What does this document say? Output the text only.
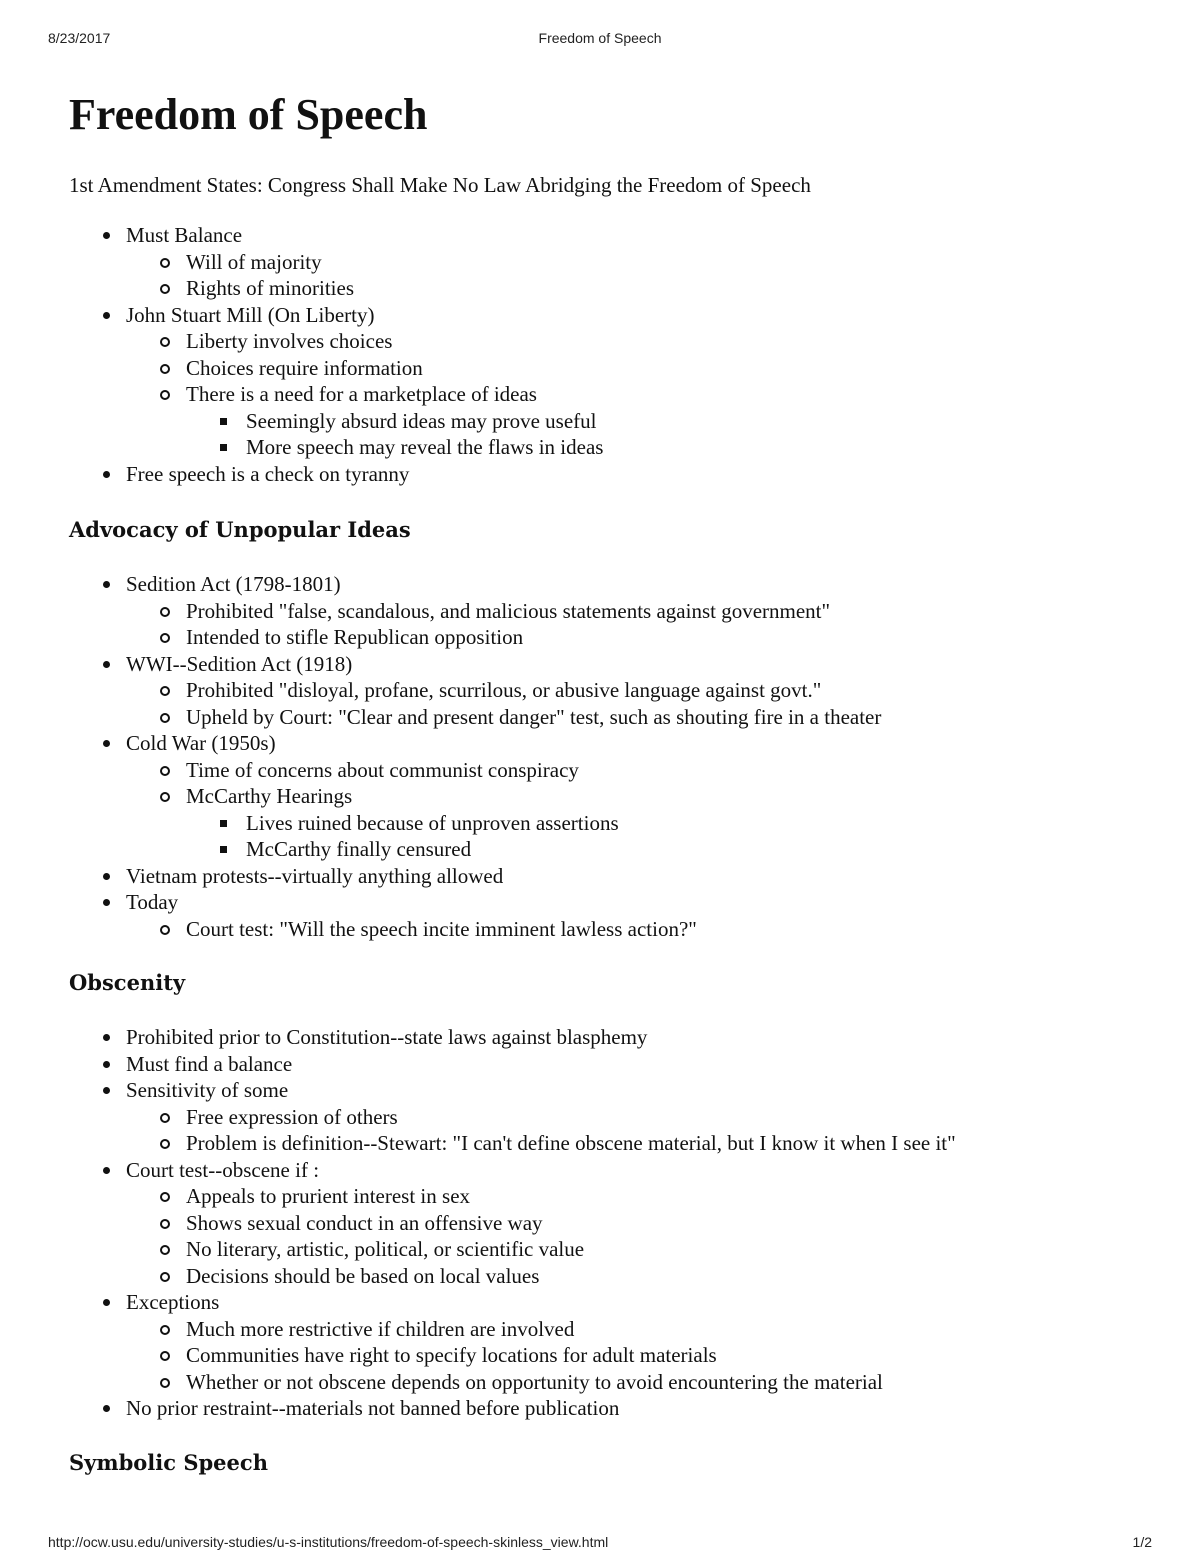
8/23/2017	Freedom of Speech
Freedom of Speech

1st Amendment States: Congress Shall Make No Law Abridging the Freedom of Speech

Must Balance
Will of majority
Rights of minorities
John Stuart Mill (On Liberty)
Liberty involves choices
Choices require information
There is a need for a marketplace of ideas
Seemingly absurd ideas may prove useful
More speech may reveal the flaws in ideas
Free speech is a check on tyranny
Advocacy of Unpopular Ideas
Sedition Act (1798-1801)
Prohibited "false, scandalous, and malicious statements against government"
Intended to stifle Republican opposition
WWI--Sedition Act (1918)
Prohibited "disloyal, profane, scurrilous, or abusive language against govt."
Upheld by Court: "Clear and present danger" test, such as shouting fire in a theater
Cold War (1950s)
Time of concerns about communist conspiracy
McCarthy Hearings
Lives ruined because of unproven assertions
McCarthy finally censured
Vietnam protests--virtually anything allowed
Today
Court test: "Will the speech incite imminent lawless action?"
Obscenity
Prohibited prior to Constitution--state laws against blasphemy
Must find a balance
Sensitivity of some
Free expression of others
Problem is definition--Stewart: "I can't define obscene material, but I know it when I see it"
Court test--obscene if :
Appeals to prurient interest in sex
Shows sexual conduct in an offensive way
No literary, artistic, political, or scientific value
Decisions should be based on local values
Exceptions
Much more restrictive if children are involved
Communities have right to specify locations for adult materials
Whether or not obscene depends on opportunity to avoid encountering the material
No prior restraint--materials not banned before publication
Symbolic Speech
http://ocw.usu.edu/university-studies/u-s-institutions/freedom-of-speech-skinless_view.html	1/2
